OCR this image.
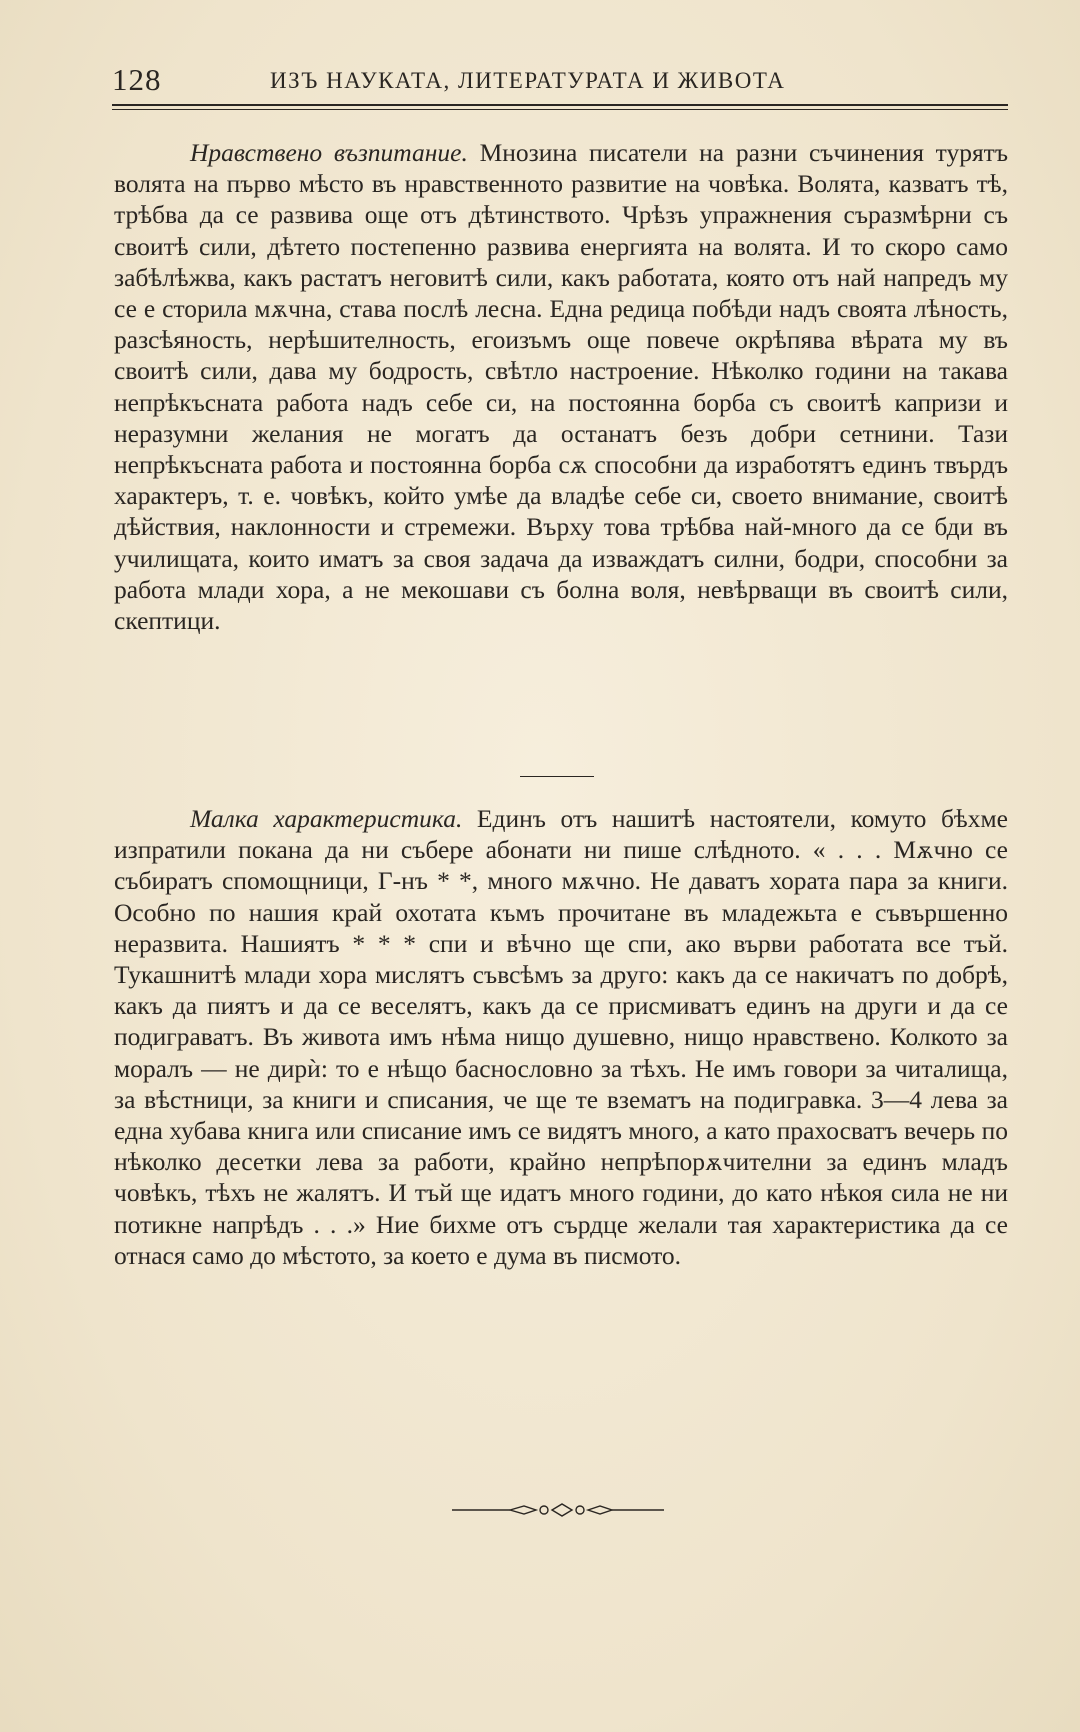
128	ИЗЪ НАУКАТА, ЛИТЕРАТУРАТА И ЖИВОТА

Нравствено възпитание. Мнозина писатели на разни съчинения турятъ волята на първо мѣсто въ нравственното развитие на човѣка. Волята, казватъ тѣ, трѣбва да се развива още отъ дѣтинството. Чрѣзъ упражнения съразмѣрни съ своитѣ сили, дѣтето постепенно развива енергията на волята. И то скоро само забѣлѣжва, какъ растатъ неговитѣ сили, какъ работата, която отъ най напредъ му се е сторила мѫчна, става послѣ лесна. Една редица побѣди надъ своята лѣность, разсѣяность, нерѣшителность, егоизъмъ още повече окрѣпява вѣрата му въ своитѣ сили, дава му бодрость, свѣтло настроение. Нѣколко години на такава непрѣкъсната работа надъ себе си, на постоянна борба съ своитѣ капризи и неразумни желания не могатъ да останатъ безъ добри сетнини. Тази непрѣкъсната работа и постоянна борба сѫ способни да изработятъ единъ твърдъ характеръ, т. е. човѣкъ, който умѣе да владѣе себе си, своето внимание, своитѣ дѣйствия, наклонности и стремежи. Върху това трѣбва най-много да се бди въ училищата, които иматъ за своя задача да изваждатъ силни, бодри, способни за работа млади хора, а не мекошави съ болна воля, невѣрващи въ своитѣ сили, скептици.

Малка характеристика. Единъ отъ нашитѣ настоятели, комуто бѣхме изпратили покана да ни събере абонати ни пише слѣдното. « . . . Мѫчно се събиратъ спомощници, Г-нъ * *, много мѫчно. Не даватъ хората пара за книги. Особно по нашия край охотата къмъ прочитане въ младежьта е съвършенно неразвита. Нашиятъ * * * спи и вѣчно ще спи, ако върви работата все тъй. Тукашнитѣ млади хора мислятъ съвсѣмъ за друго: какъ да се накичатъ по добрѣ, какъ да пиятъ и да се веселятъ, какъ да се присмиватъ единъ на други и да се подиграватъ. Въ живота имъ нѣма нищо душевно, нищо нравствено. Колкото за моралъ — не дирѝ: то е нѣщо баснословно за тѣхъ. Не имъ говори за читалища, за вѣстници, за книги и списания, че ще те взематъ на подигравка. 3—4 лева за една хубава книга или списание имъ се видятъ много, а като прахосватъ вечерь по нѣколко десетки лева за работи, крайно непрѣпорѫчителни за единъ младъ човѣкъ, тѣхъ не жалятъ. И тъй ще идатъ много години, до като нѣкоя сила не ни потикне напрѣдъ . . .» Ние бихме отъ сърдце желали тая характеристика да се отнася само до мѣстото, за което е дума въ писмото.
